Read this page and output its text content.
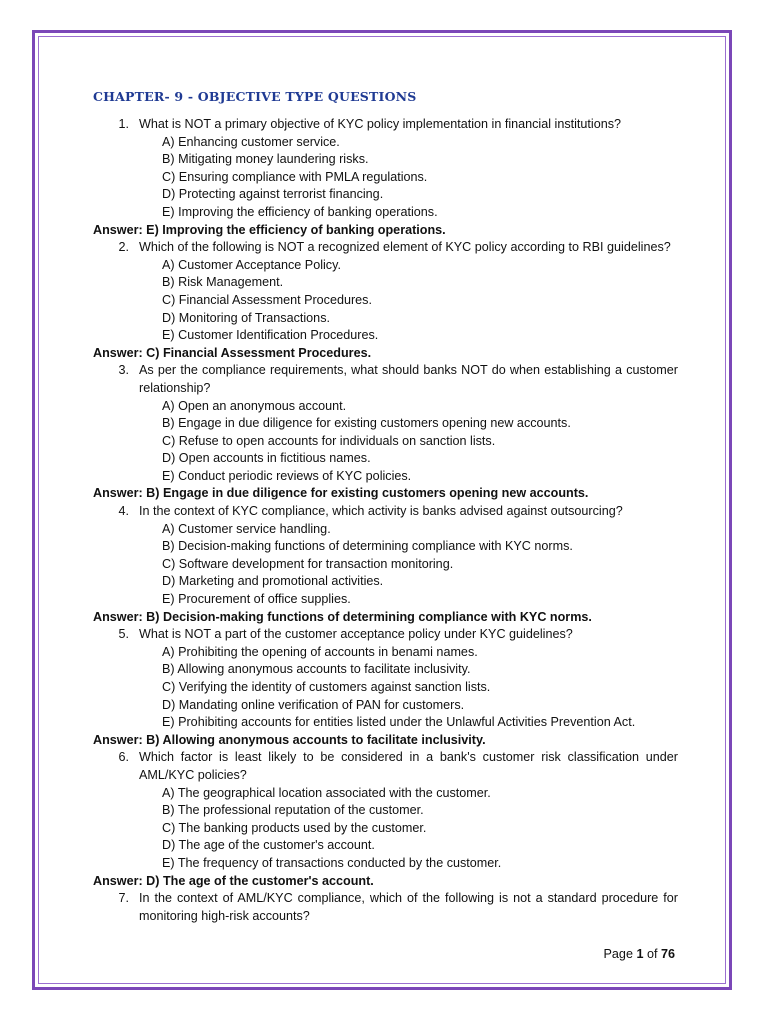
CHAPTER- 9 - OBJECTIVE TYPE QUESTIONS
1. What is NOT a primary objective of KYC policy implementation in financial institutions?
A) Enhancing customer service.
B) Mitigating money laundering risks.
C) Ensuring compliance with PMLA regulations.
D) Protecting against terrorist financing.
E) Improving the efficiency of banking operations.
Answer: E) Improving the efficiency of banking operations.
2. Which of the following is NOT a recognized element of KYC policy according to RBI guidelines?
A) Customer Acceptance Policy.
B) Risk Management.
C) Financial Assessment Procedures.
D) Monitoring of Transactions.
E) Customer Identification Procedures.
Answer: C) Financial Assessment Procedures.
3. As per the compliance requirements, what should banks NOT do when establishing a customer relationship?
A) Open an anonymous account.
B) Engage in due diligence for existing customers opening new accounts.
C) Refuse to open accounts for individuals on sanction lists.
D) Open accounts in fictitious names.
E) Conduct periodic reviews of KYC policies.
Answer: B) Engage in due diligence for existing customers opening new accounts.
4. In the context of KYC compliance, which activity is banks advised against outsourcing?
A) Customer service handling.
B) Decision-making functions of determining compliance with KYC norms.
C) Software development for transaction monitoring.
D) Marketing and promotional activities.
E) Procurement of office supplies.
Answer: B) Decision-making functions of determining compliance with KYC norms.
5. What is NOT a part of the customer acceptance policy under KYC guidelines?
A) Prohibiting the opening of accounts in benami names.
B) Allowing anonymous accounts to facilitate inclusivity.
C) Verifying the identity of customers against sanction lists.
D) Mandating online verification of PAN for customers.
E) Prohibiting accounts for entities listed under the Unlawful Activities Prevention Act.
Answer: B) Allowing anonymous accounts to facilitate inclusivity.
6. Which factor is least likely to be considered in a bank's customer risk classification under AML/KYC policies?
A) The geographical location associated with the customer.
B) The professional reputation of the customer.
C) The banking products used by the customer.
D) The age of the customer's account.
E) The frequency of transactions conducted by the customer.
Answer: D) The age of the customer's account.
7. In the context of AML/KYC compliance, which of the following is not a standard procedure for monitoring high-risk accounts?
Page 1 of 76
